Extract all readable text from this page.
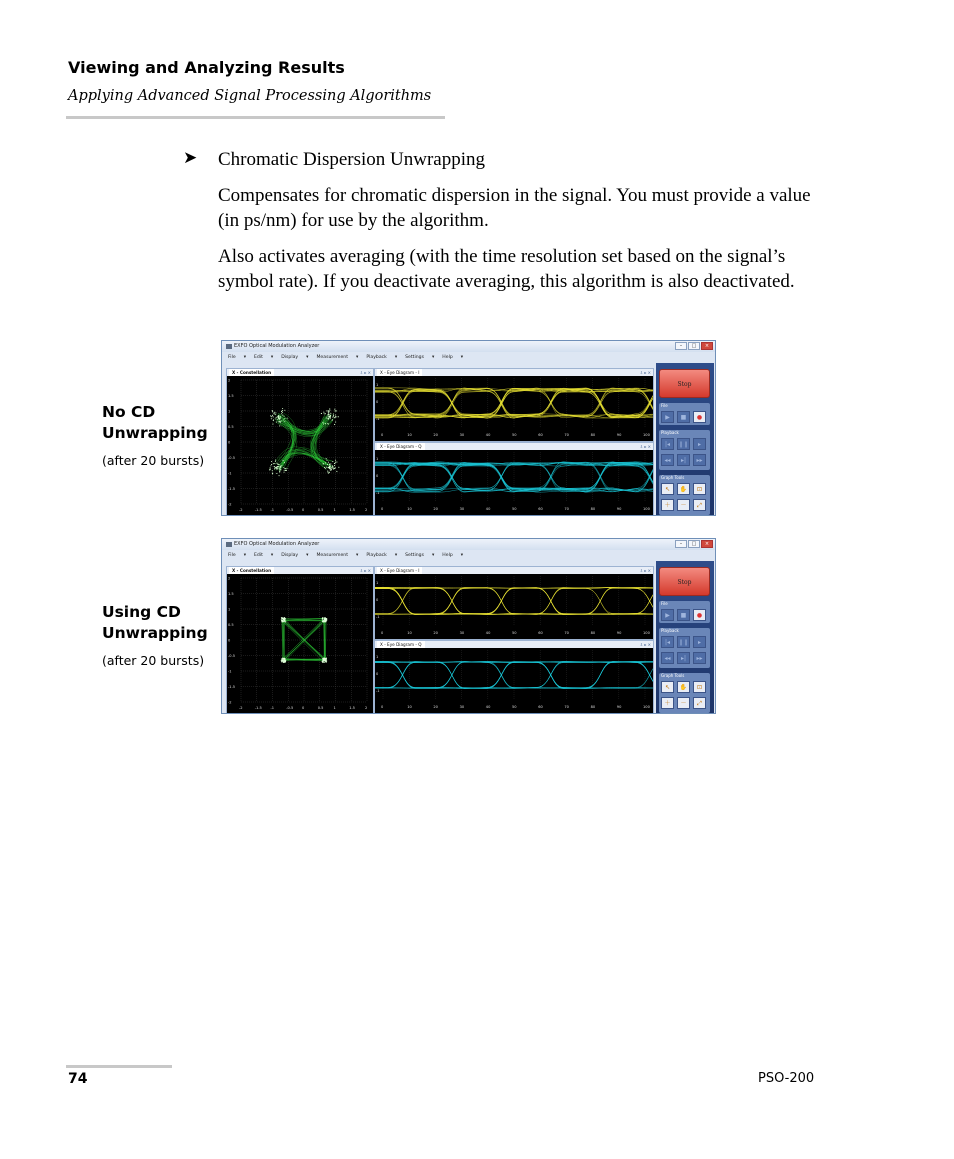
Viewing and Analyzing Results
Applying Advanced Signal Processing Algorithms
➤ Chromatic Dispersion Unwrapping
Compensates for chromatic dispersion in the signal. You must provide a value (in ps/nm) for use by the algorithm.
Also activates averaging (with the time resolution set based on the signal’s symbol rate). If you deactivate averaging, this algorithm is also deactivated.
No CD
Unwrapping
(after 20 bursts)
Using CD
Unwrapping
(after 20 bursts)
EXFO Optical Modulation Analyzer	–	□	×
File ▾ Edit ▾ Display ▾ Measurement ▾ Playback ▾ Settings ▾ Help ▾
X - Constellation	⇩ ▸ ×
2
1.5
1
0.5
0
-0.5
-1
-1.5
-2
-2	-1.5 -1	-0.5 0	0.5	1	1.5	2
X - Eye Diagram - I	⇩ ▸ ×
0	10	20	30	40	50	60	70	80	90	100
1
0
-1
X - Eye Diagram - Q	⇩ ▸ ×
0	10	20	30	40	50	60	70	80	90	100
1
0
-1
Stop
File
▶	■	●
Playback
|◂	❙❙	▸
◂◂	▸|	▸▸
Graph Tools
↖	✋	⊡
＋	－	⤢
EXFO Optical Modulation Analyzer	–	□	×
File ▾ Edit ▾ Display ▾ Measurement ▾ Playback ▾ Settings ▾ Help ▾
X - Constellation	⇩ ▸ ×
2
1.5
1
0.5
0
-0.5
-1
-1.5
-2
-2	-1.5 -1	-0.5 0	0.5	1	1.5	2
X - Eye Diagram - I	⇩ ▸ ×
0	10	20	30	40	50	60	70	80	90	100
1
0
-1
X - Eye Diagram - Q	⇩ ▸ ×
0	10	20	30	40	50	60	70	80	90	100
1
0
-1
Stop
File
▶	■	●
Playback
|◂	❙❙	▸
◂◂	▸|	▸▸
Graph Tools
↖	✋	⊡
＋	－	⤢
74	PSO-200
